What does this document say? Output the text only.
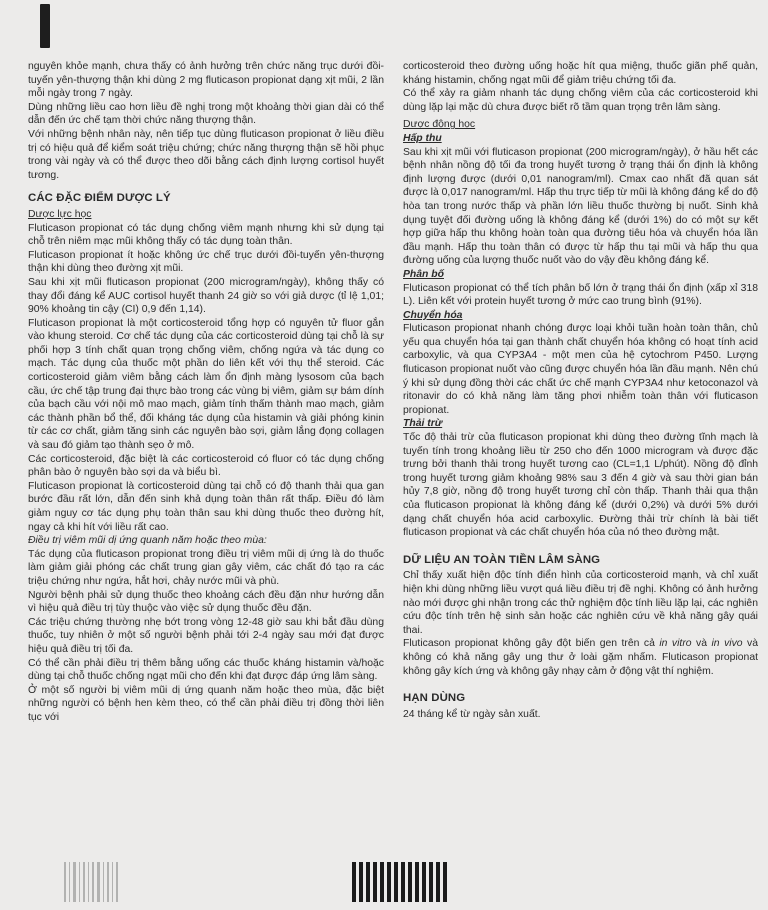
nguyên khỏe mạnh, chưa thấy có ảnh hưởng trên chức năng trục dưới đồi-tuyến yên-thượng thận khi dùng 2 mg fluticason propionat dạng xịt mũi, 2 lần mỗi ngày trong 7 ngày.

Dùng những liều cao hơn liều đề nghị trong một khoảng thời gian dài có thể dẫn đến ức chế tạm thời chức năng thượng thận.

Với những bệnh nhân này, nên tiếp tục dùng fluticason propionat ở liều điều trị có hiệu quả để kiểm soát triệu chứng; chức năng thượng thận sẽ hồi phục trong vài ngày và có thể được theo dõi bằng cách định lượng cortisol huyết tương.

CÁC ĐẶC ĐIỂM DƯỢC LÝ

Dược lực học

Fluticason propionat có tác dụng chống viêm mạnh nhưng khi sử dụng tại chỗ trên niêm mạc mũi không thấy có tác dụng toàn thân.

Fluticason propionat ít hoặc không ức chế trục dưới đồi-tuyến yên-thượng thận khi dùng theo đường xịt mũi.

Sau khi xịt mũi fluticason propionat (200 microgram/ngày), không thấy có thay đổi đáng kể AUC cortisol huyết thanh 24 giờ so với giả dược (tỉ lệ 1,01; 90% khoảng tin cậy (CI) 0,9 đến 1,14).

Fluticason propionat là một corticosteroid tổng hợp có nguyên tử fluor gắn vào khung steroid. Cơ chế tác dụng của các corticosteroid dùng tại chỗ là sự phối hợp 3 tính chất quan trọng chống viêm, chống ngứa và tác dụng co mạch. Tác dụng của thuốc một phần do liên kết với thụ thể steroid. Các corticosteroid giảm viêm bằng cách làm ổn định màng lysosom của bạch cầu, ức chế tập trung đại thực bào trong các vùng bị viêm, giảm sự bám dính của bạch cầu với nội mô mao mạch, giảm tính thấm thành mao mạch, giảm các thành phần bổ thể, đối kháng tác dụng của histamin và giải phóng kinin từ các cơ chất, giảm tăng sinh các nguyên bào sợi, giảm lắng đọng collagen và sau đó giảm tạo thành sẹo ở mô.

Các corticosteroid, đặc biệt là các corticosteroid có fluor có tác dụng chống phân bào ở nguyên bào sợi da và biểu bì.

Fluticason propionat là corticosteroid dùng tại chỗ có độ thanh thải qua gan bước đầu rất lớn, dẫn đến sinh khả dụng toàn thân rất thấp. Điều đó làm giảm nguy cơ tác dụng phụ toàn thân sau khi dùng thuốc theo đường hít, ngay cả khi hít với liều rất cao.

Điều trị viêm mũi dị ứng quanh năm hoặc theo mùa:

Tác dụng của fluticason propionat trong điều trị viêm mũi dị ứng là do thuốc làm giảm giải phóng các chất trung gian gây viêm, các chất đó tạo ra các triệu chứng như ngứa, hắt hơi, chảy nước mũi và phù.

Người bệnh phải sử dụng thuốc theo khoảng cách đều đặn như hướng dẫn vì hiệu quả điều trị tùy thuộc vào việc sử dụng thuốc đều đặn.

Các triệu chứng thường nhẹ bớt trong vòng 12-48 giờ sau khi bắt đầu dùng thuốc, tuy nhiên ở một số người bệnh phải tới 2-4 ngày sau mới đạt được hiệu quả điều trị tối đa.

Có thể cần phải điều trị thêm bằng uống các thuốc kháng histamin và/hoặc dùng tại chỗ thuốc chống ngạt mũi cho đến khi đạt được đáp ứng lâm sàng.

Ở một số người bị viêm mũi dị ứng quanh năm hoặc theo mùa, đặc biệt những người có bệnh hen kèm theo, có thể cần phải điều trị đồng thời liên tục với

corticosteroid theo đường uống hoặc hít qua miệng, thuốc giãn phế quản, kháng histamin, chống ngạt mũi để giảm triệu chứng tối đa.

Có thể xảy ra giảm nhanh tác dụng chống viêm của các corticosteroid khi dùng lặp lại mặc dù chưa được biết rõ tầm quan trọng trên lâm sàng.

Dược động học

Hấp thu

Sau khi xịt mũi với fluticason propionat (200 microgram/ngày), ở hầu hết các bệnh nhân nồng độ tối đa trong huyết tương ở trạng thái ổn định là không định lượng được (dưới 0,01 nanogram/ml). Cmax cao nhất đã quan sát được là 0,017 nanogram/ml. Hấp thu trực tiếp từ mũi là không đáng kể do độ hòa tan trong nước thấp và phần lớn liều thuốc thường bị nuốt. Sinh khả dụng tuyệt đối đường uống là không đáng kể (dưới 1%) do có một sự kết hợp giữa hấp thu không hoàn toàn qua đường tiêu hóa và chuyển hóa lần đầu mạnh. Hấp thu toàn thân có được từ hấp thu tại mũi và hấp thu qua đường uống của lượng thuốc nuốt vào do vậy đều không đáng kể.

Phân bố

Fluticason propionat có thể tích phân bố lớn ở trạng thái ổn định (xấp xỉ 318 L). Liên kết với protein huyết tương ở mức cao trung bình (91%).

Chuyển hóa

Fluticason propionat nhanh chóng được loại khỏi tuần hoàn toàn thân, chủ yếu qua chuyển hóa tại gan thành chất chuyển hóa không có hoạt tính acid carboxylic, và qua CYP3A4 - một men của hệ cytochrom P450. Lượng fluticason propionat nuốt vào cũng được chuyển hóa lần đầu mạnh. Nên chú ý khi sử dụng đồng thời các chất ức chế mạnh CYP3A4 như ketoconazol và ritonavir do có khả năng làm tăng phơi nhiễm toàn thân với fluticason propionat.

Thải trừ

Tốc độ thải trừ của fluticason propionat khi dùng theo đường tĩnh mạch là tuyến tính trong khoảng liều từ 250 cho đến 1000 microgram và được đặc trưng bởi thanh thải trong huyết tương cao (CL=1,1 L/phút). Nồng độ đỉnh trong huyết tương giảm khoảng 98% sau 3 đến 4 giờ và sau thời gian bán hủy 7,8 giờ, nồng độ trong huyết tương chỉ còn thấp. Thanh thải qua thận của fluticason propionat là không đáng kể (dưới 0,2%) và dưới 5% dưới dạng chất chuyển hóa acid carboxylic. Đường thải trừ chính là bài tiết fluticason propionat và các chất chuyển hóa của nó theo đường mật.

DỮ LIỆU AN TOÀN TIỀN LÂM SÀNG

Chỉ thấy xuất hiện độc tính điển hình của corticosteroid mạnh, và chỉ xuất hiện khi dùng những liều vượt quá liều điều trị đề nghị. Không có ảnh hưởng nào mới được ghi nhận trong các thử nghiệm độc tính liều lặp lại, các nghiên cứu độc tính trên hệ sinh sản hoặc các nghiên cứu về khả năng gây quái thai.

Fluticason propionat không gây đột biến gen trên cả in vitro và in vivo và không có khả năng gây ung thư ở loài gặm nhấm. Fluticason propionat không gây kích ứng và không gây nhạy cảm ở động vật thí nghiệm.

HẠN DÙNG

24 tháng kể từ ngày sản xuất.
